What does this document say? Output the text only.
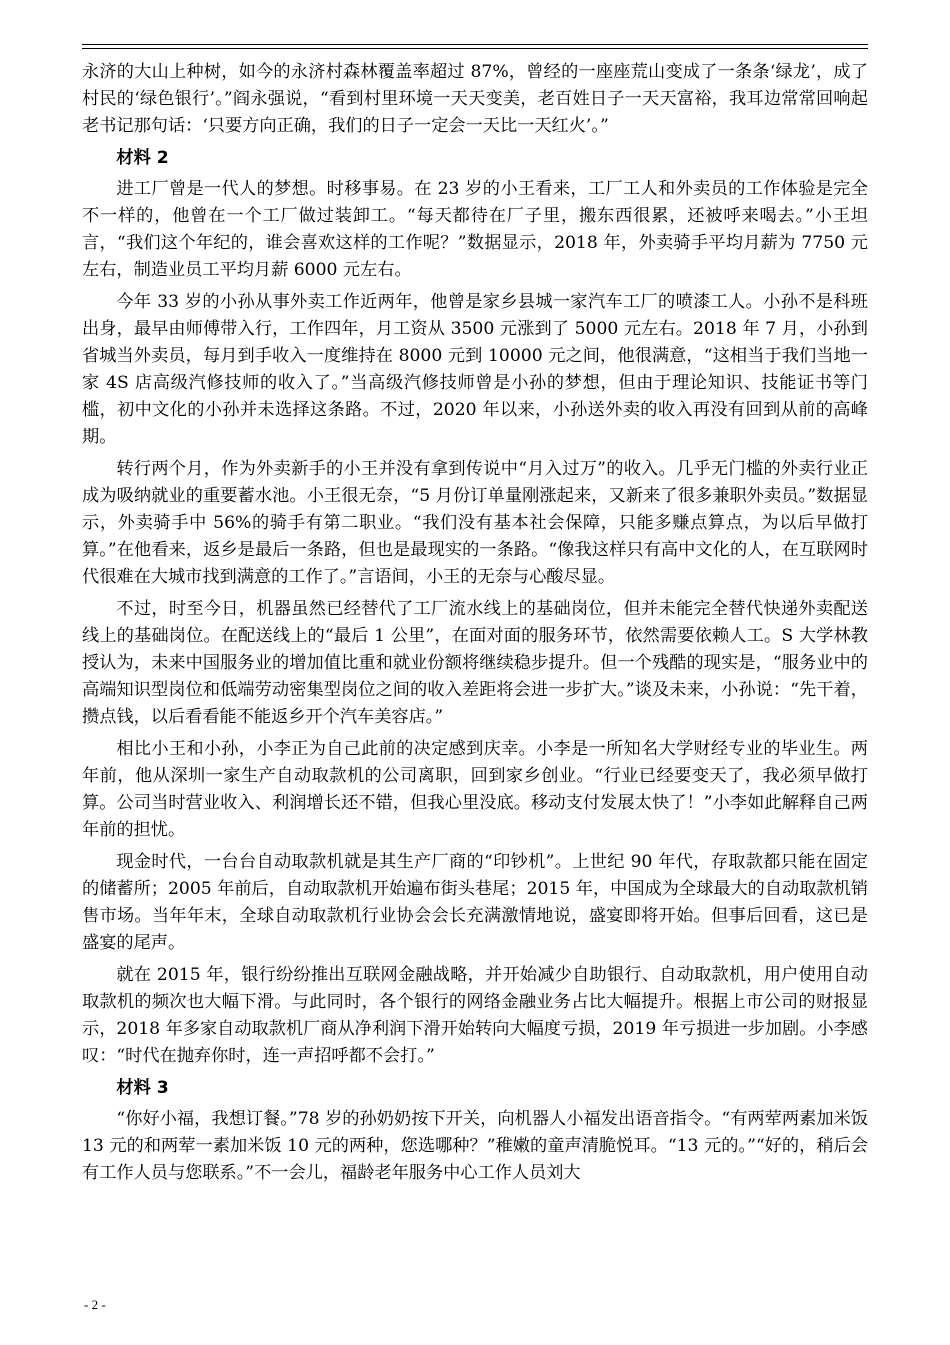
永济的大山上种树，如今的永济村森林覆盖率超过 87%，曾经的一座座荒山变成了一条条‘绿龙’，成了村民的‘绿色银行’。”阎永强说，“看到村里环境一天天变美，老百姓日子一天天富裕，我耳边常常回响起老书记那句话：‘只要方向正确，我们的日子一定会一天比一天红火’。”

材料 2

进工厂曾是一代人的梦想。时移事易。在 23 岁的小王看来，工厂工人和外卖员的工作体验是完全不一样的，他曾在一个工厂做过装卸工。“每天都待在厂子里，搬东西很累，还被呼来喝去。”小王坦言，“我们这个年纪的，谁会喜欢这样的工作呢？”数据显示，2018 年，外卖骑手平均月薪为 7750 元左右，制造业员工平均月薪 6000 元左右。

今年 33 岁的小孙从事外卖工作近两年，他曾是家乡县城一家汽车工厂的喷漆工人。小孙不是科班出身，最早由师傅带入行，工作四年，月工资从 3500 元涨到了 5000 元左右。2018 年 7 月，小孙到省城当外卖员，每月到手收入一度维持在 8000 元到 10000 元之间，他很满意，“这相当于我们当地一家 4S 店高级汽修技师的收入了。”当高级汽修技师曾是小孙的梦想，但由于理论知识、技能证书等门槛，初中文化的小孙并未选择这条路。不过，2020 年以来，小孙送外卖的收入再没有回到从前的高峰期。

转行两个月，作为外卖新手的小王并没有拿到传说中“月入过万”的收入。几乎无门槛的外卖行业正成为吸纳就业的重要蓄水池。小王很无奈，“5 月份订单量刚涨起来，又新来了很多兼职外卖员。”数据显示，外卖骑手中 56%的骑手有第二职业。“我们没有基本社会保障，只能多赚点算点，为以后早做打算。”在他看来，返乡是最后一条路，但也是最现实的一条路。“像我这样只有高中文化的人，在互联网时代很难在大城市找到满意的工作了。”言语间，小王的无奈与心酸尽显。

不过，时至今日，机器虽然已经替代了工厂流水线上的基础岗位，但并未能完全替代快递外卖配送线上的基础岗位。在配送线上的“最后 1 公里”，在面对面的服务环节，依然需要依赖人工。S 大学林教授认为，未来中国服务业的增加值比重和就业份额将继续稳步提升。但一个残酷的现实是，“服务业中的高端知识型岗位和低端劳动密集型岗位之间的收入差距将会进一步扩大。”谈及未来，小孙说：“先干着，攒点钱，以后看看能不能返乡开个汽车美容店。”

相比小王和小孙，小李正为自己此前的决定感到庆幸。小李是一所知名大学财经专业的毕业生。两年前，他从深圳一家生产自动取款机的公司离职，回到家乡创业。“行业已经要变天了，我必须早做打算。公司当时营业收入、利润增长还不错，但我心里没底。移动支付发展太快了！”小李如此解释自己两年前的担忧。

现金时代，一台台自动取款机就是其生产厂商的“印钞机”。上世纪 90 年代，存取款都只能在固定的储蓄所；2005 年前后，自动取款机开始遍布街头巷尾；2015 年，中国成为全球最大的自动取款机销售市场。当年年末，全球自动取款机行业协会会长充满激情地说，盛宴即将开始。但事后回看，这已是盛宴的尾声。

就在 2015 年，银行纷纷推出互联网金融战略，并开始减少自助银行、自动取款机，用户使用自动取款机的频次也大幅下滑。与此同时，各个银行的网络金融业务占比大幅提升。根据上市公司的财报显示，2018 年多家自动取款机厂商从净利润下滑开始转向大幅度亏损，2019 年亏损进一步加剧。小李感叹：“时代在抛弃你时，连一声招呼都不会打。”

材料 3

“你好小福，我想订餐。”78 岁的孙奶奶按下开关，向机器人小福发出语音指令。“有两荤两素加米饭 13 元的和两荤一素加米饭 10 元的两种，您选哪种？”稚嫩的童声清脆悦耳。“13 元的。”“好的，稍后会有工作人员与您联系。”不一会儿，福龄老年服务中心工作人员刘大

- 2 -
